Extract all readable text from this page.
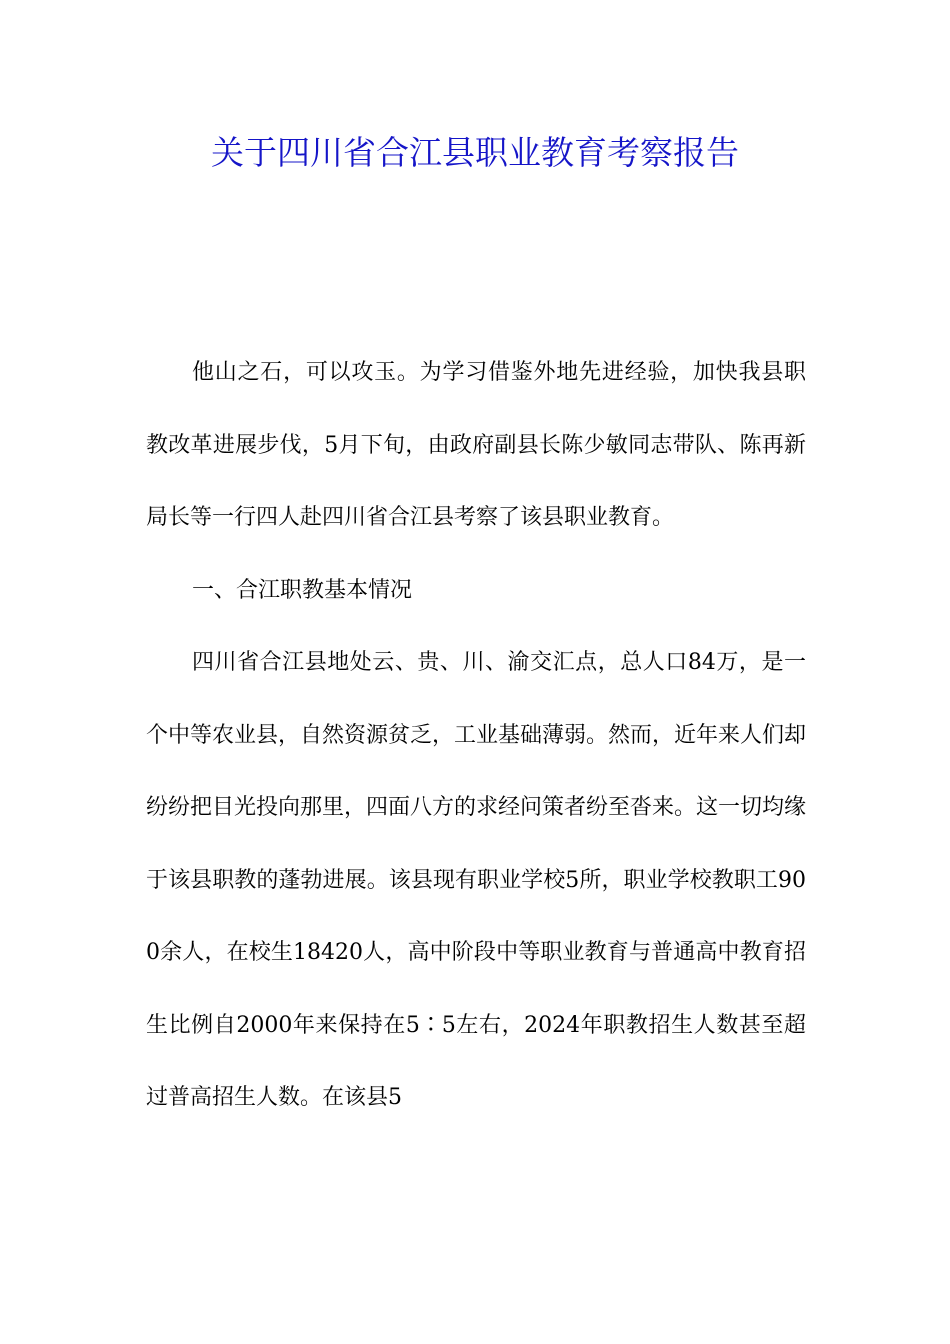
关于四川省合江县职业教育考察报告

他山之石，可以攻玉。为学习借鉴外地先进经验，加快我县职教改革进展步伐，5月下旬，由政府副县长陈少敏同志带队、陈再新局长等一行四人赴四川省合江县考察了该县职业教育。

一、合江职教基本情况

四川省合江县地处云、贵、川、渝交汇点，总人口84万，是一个中等农业县，自然资源贫乏，工业基础薄弱。然而，近年来人们却纷纷把目光投向那里，四面八方的求经问策者纷至沓来。这一切均缘于该县职教的蓬勃进展。该县现有职业学校5所，职业学校教职工900余人，在校生18420人，高中阶段中等职业教育与普通高中教育招生比例自2000年来保持在5∶5左右，2024年职教招生人数甚至超过普高招生人数。在该县5
